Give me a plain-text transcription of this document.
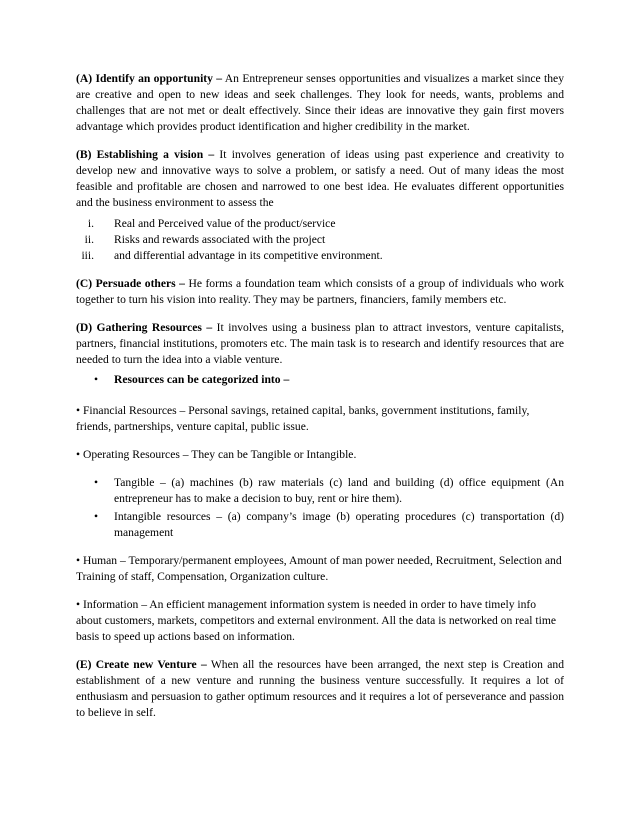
(A) Identify an opportunity – An Entrepreneur senses opportunities and visualizes a market since they are creative and open to new ideas and seek challenges. They look for needs, wants, problems and challenges that are not met or dealt effectively. Since their ideas are innovative they gain first movers advantage which provides product identification and higher credibility in the market.

(B) Establishing a vision – It involves generation of ideas using past experience and creativity to develop new and innovative ways to solve a problem, or satisfy a need. Out of many ideas the most feasible and profitable are chosen and narrowed to one best idea. He evaluates different opportunities and the business environment to assess the

i. Real and Perceived value of the product/service
ii. Risks and rewards associated with the project
iii. and differential advantage in its competitive environment.

(C) Persuade others – He forms a foundation team which consists of a group of individuals who work together to turn his vision into reality. They may be partners, financiers, family members etc.

(D) Gathering Resources – It involves using a business plan to attract investors, venture capitalists, partners, financial institutions, promoters etc. The main task is to research and identify resources that are needed to turn the idea into a viable venture.

• Resources can be categorized into –

• Financial Resources – Personal savings, retained capital, banks, government institutions, family, friends, partnerships, venture capital, public issue.

• Operating Resources – They can be Tangible or Intangible.

• Tangible – (a) machines (b) raw materials (c) land and building (d) office equipment (An entrepreneur has to make a decision to buy, rent or hire them).
• Intangible resources – (a) company’s image (b) operating procedures (c) transportation (d) management

• Human – Temporary/permanent employees, Amount of man power needed, Recruitment, Selection and Training of staff, Compensation, Organization culture.

• Information – An efficient management information system is needed in order to have timely info about customers, markets, competitors and external environment. All the data is networked on real time basis to speed up actions based on information.

(E) Create new Venture – When all the resources have been arranged, the next step is Creation and establishment of a new venture and running the business venture successfully. It requires a lot of enthusiasm and persuasion to gather optimum resources and it requires a lot of perseverance and passion to believe in self.
